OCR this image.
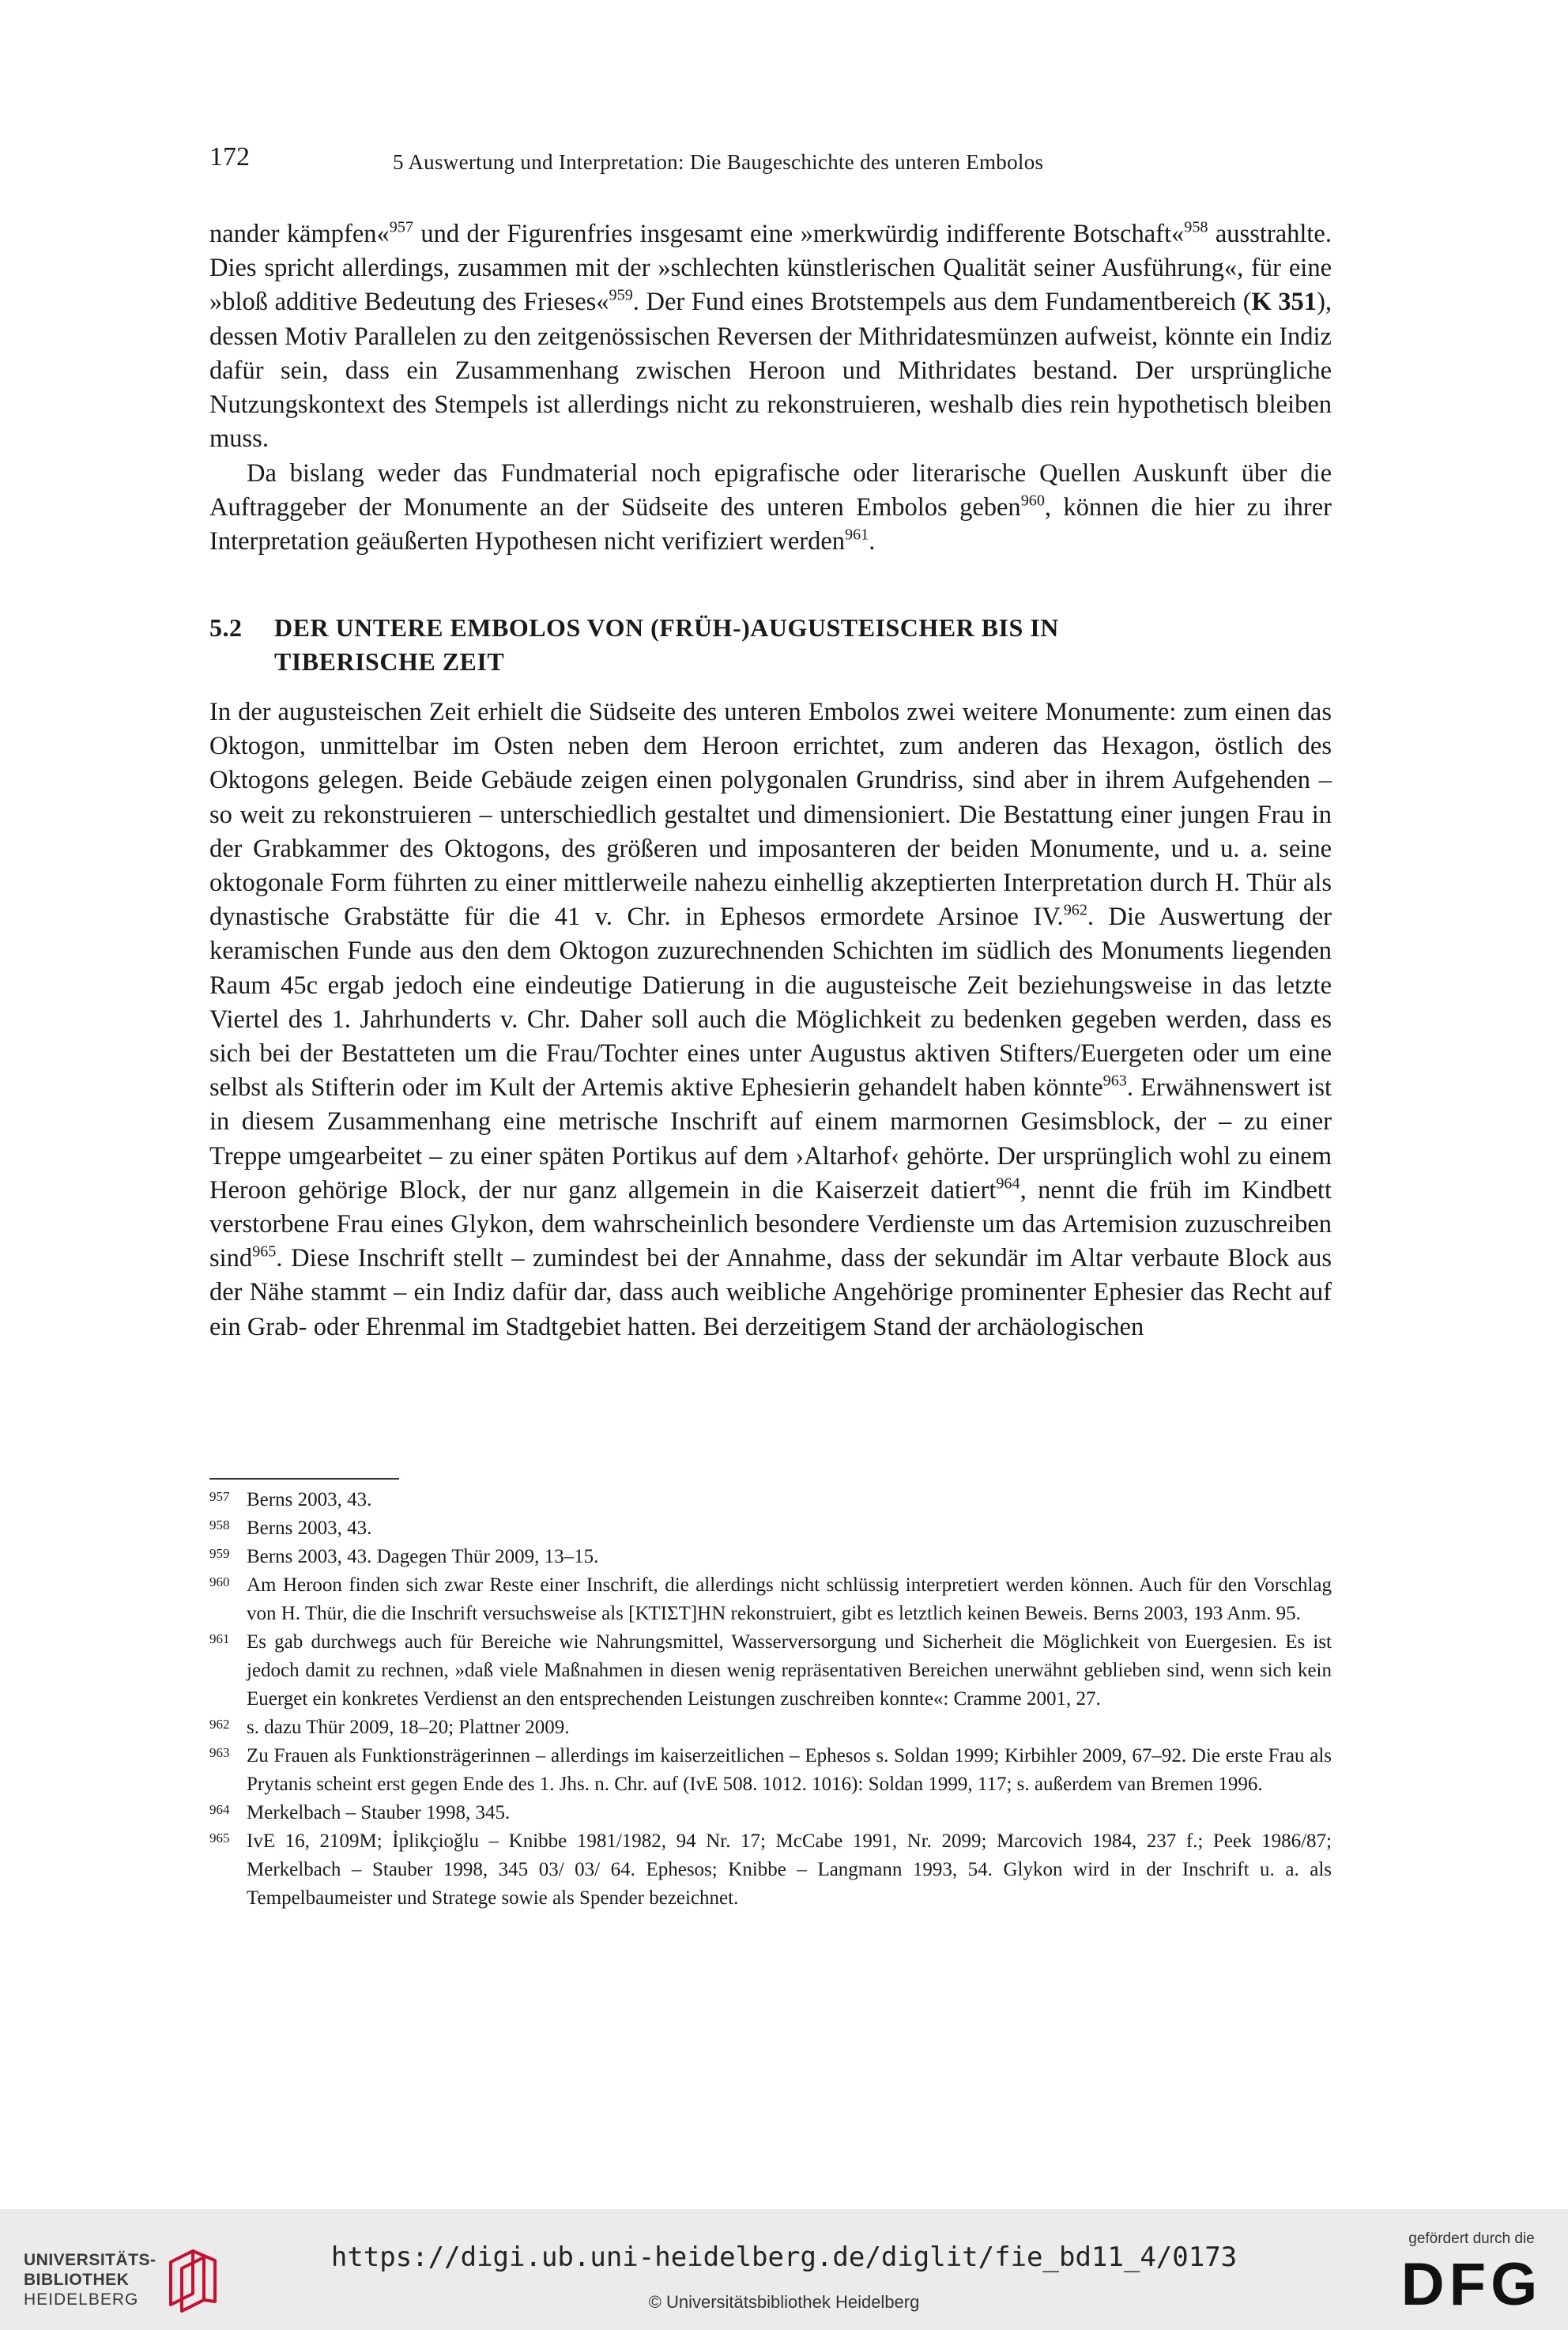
172	5 Auswertung und Interpretation: Die Baugeschichte des unteren Embolos

nander kämpfen«$^{957}$ und der Figurenfries insgesamt eine »merkwürdig indifferente Botschaft«$^{958}$ ausstrahlte. Dies spricht allerdings, zusammen mit der »schlechten künstlerischen Qualität seiner Ausführung«, für eine »bloß additive Bedeutung des Frieses«$^{959}$. Der Fund eines Brotstempels aus dem Fundamentbereich (K 351), dessen Motiv Parallelen zu den zeitgenössischen Reversen der Mithridatesmünzen aufweist, könnte ein Indiz dafür sein, dass ein Zusammenhang zwischen Heroon und Mithridates bestand. Der ursprüngliche Nutzungskontext des Stempels ist allerdings nicht zu rekonstruieren, weshalb dies rein hypothetisch bleiben muss.

Da bislang weder das Fundmaterial noch epigrafische oder literarische Quellen Auskunft über die Auftraggeber der Monumente an der Südseite des unteren Embolos geben$^{960}$, können die hier zu ihrer Interpretation geäußerten Hypothesen nicht verifiziert werden$^{961}$.

5.2 DER UNTERE EMBOLOS VON (FRÜH-)AUGUSTEISCHER BIS IN
TIBERISCHE ZEIT

In der augusteischen Zeit erhielt die Südseite des unteren Embolos zwei weitere Monumente: zum einen das Oktogon, unmittelbar im Osten neben dem Heroon errichtet, zum anderen das Hexagon, östlich des Oktogons gelegen. Beide Gebäude zeigen einen polygonalen Grundriss, sind aber in ihrem Aufgehenden – so weit zu rekonstruieren – unterschiedlich gestaltet und dimensioniert. Die Bestattung einer jungen Frau in der Grabkammer des Oktogons, des größeren und imposanteren der beiden Monumente, und u. a. seine oktogonale Form führten zu einer mittlerweile nahezu einhellig akzeptierten Interpretation durch H. Thür als dynastische Grabstätte für die 41 v. Chr. in Ephesos ermordete Arsinoe IV.$^{962}$. Die Auswertung der keramischen Funde aus den dem Oktogon zuzurechnenden Schichten im südlich des Monuments liegenden Raum 45c ergab jedoch eine eindeutige Datierung in die augusteische Zeit beziehungsweise in das letzte Viertel des 1. Jahrhunderts v. Chr. Daher soll auch die Möglichkeit zu bedenken gegeben werden, dass es sich bei der Bestatteten um die Frau/Tochter eines unter Augustus aktiven Stifters/Euergeten oder um eine selbst als Stifterin oder im Kult der Artemis aktive Ephesierin gehandelt haben könnte$^{963}$. Erwähnenswert ist in diesem Zusammenhang eine metrische Inschrift auf einem marmornen Gesimsblock, der – zu einer Treppe umgearbeitet – zu einer späten Portikus auf dem ›Altarhof‹ gehörte. Der ursprünglich wohl zu einem Heroon gehörige Block, der nur ganz allgemein in die Kaiserzeit datiert$^{964}$, nennt die früh im Kindbett verstorbene Frau eines Glykon, dem wahrscheinlich besondere Verdienste um das Artemision zuzuschreiben sind$^{965}$. Diese Inschrift stellt – zumindest bei der Annahme, dass der sekundär im Altar verbaute Block aus der Nähe stammt – ein Indiz dafür dar, dass auch weibliche Angehörige prominenter Ephesier das Recht auf ein Grab- oder Ehrenmal im Stadtgebiet hatten. Bei derzeitigem Stand der archäologischen

957 Berns 2003, 43.
958 Berns 2003, 43.
959 Berns 2003, 43. Dagegen Thür 2009, 13–15.
960 Am Heroon finden sich zwar Reste einer Inschrift, die allerdings nicht schlüssig interpretiert werden können. Auch für den Vorschlag von H. Thür, die die Inschrift versuchsweise als [ΚΤΙΣΤ]ΗΝ rekonstruiert, gibt es letztlich keinen Beweis. Berns 2003, 193 Anm. 95.
961 Es gab durchwegs auch für Bereiche wie Nahrungsmittel, Wasserversorgung und Sicherheit die Möglichkeit von Euergesien. Es ist jedoch damit zu rechnen, »daß viele Maßnahmen in diesen wenig repräsentativen Bereichen unerwähnt geblieben sind, wenn sich kein Euerget ein konkretes Verdienst an den entsprechenden Leistungen zuschreiben konnte«: Cramme 2001, 27.
962 s. dazu Thür 2009, 18–20; Plattner 2009.
963 Zu Frauen als Funktionsträgerinnen – allerdings im kaiserzeitlichen – Ephesos s. Soldan 1999; Kirbihler 2009, 67–92. Die erste Frau als Prytanis scheint erst gegen Ende des 1. Jhs. n. Chr. auf (IvE 508. 1012. 1016): Soldan 1999, 117; s. außerdem van Bremen 1996.
964 Merkelbach – Stauber 1998, 345.
965 IvE 16, 2109M; İplikçioğlu – Knibbe 1981/1982, 94 Nr. 17; McCabe 1991, Nr. 2099; Marcovich 1984, 237 f.; Peek 1986/87; Merkelbach – Stauber 1998, 345 03/ 03/ 64. Ephesos; Knibbe – Langmann 1993, 54. Glykon wird in der Inschrift u. a. als Tempelbaumeister und Stratege sowie als Spender bezeichnet.
UNIVERSITÄTS-
BIBLIOTHEK
HEIDELBERG
https://digi.ub.uni-heidelberg.de/diglit/fie_bd11_4/0173
© Universitätsbibliothek Heidelberg
gefördert durch die
DFG
